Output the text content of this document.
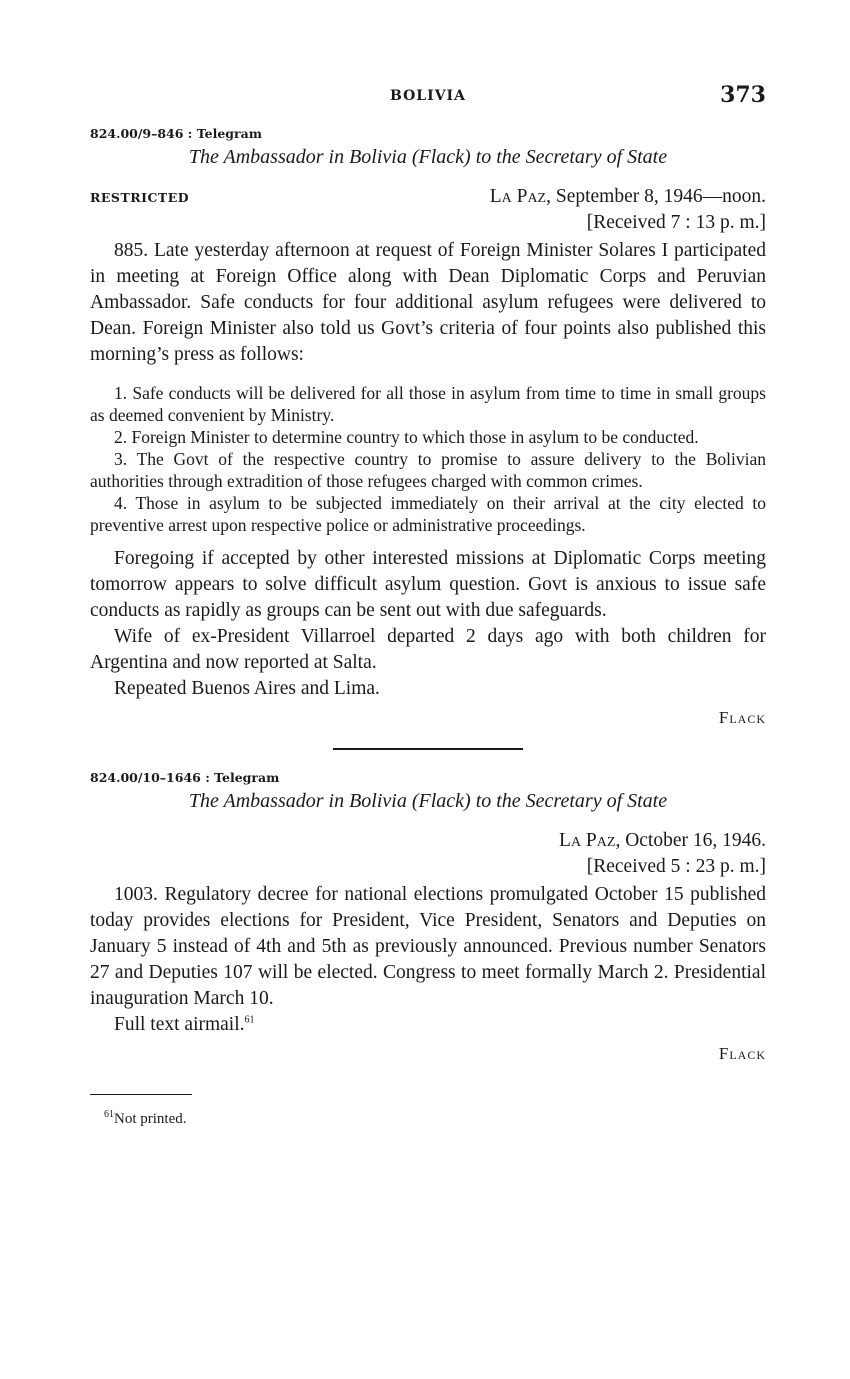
BOLIVIA	373
824.00/9–846 : Telegram
The Ambassador in Bolivia (Flack) to the Secretary of State
RESTRICTED	La Paz, September 8, 1946—noon.
[Received 7 : 13 p. m.]

885. Late yesterday afternoon at request of Foreign Minister Solares I participated in meeting at Foreign Office along with Dean Diplomatic Corps and Peruvian Ambassador. Safe conducts for four additional asylum refugees were delivered to Dean. Foreign Minister also told us Govt’s criteria of four points also published this morning’s press as follows:

1. Safe conducts will be delivered for all those in asylum from time to time in small groups as deemed convenient by Ministry.

2. Foreign Minister to determine country to which those in asylum to be conducted.

3. The Govt of the respective country to promise to assure delivery to the Bolivian authorities through extradition of those refugees charged with common crimes.

4. Those in asylum to be subjected immediately on their arrival at the city elected to preventive arrest upon respective police or administrative proceedings.

Foregoing if accepted by other interested missions at Diplomatic Corps meeting tomorrow appears to solve difficult asylum question. Govt is anxious to issue safe conducts as rapidly as groups can be sent out with due safeguards.

Wife of ex-President Villarroel departed 2 days ago with both children for Argentina and now reported at Salta.

Repeated Buenos Aires and Lima.

Flack
824.00/10–1646 : Telegram
The Ambassador in Bolivia (Flack) to the Secretary of State
La Paz, October 16, 1946.
[Received 5 : 23 p. m.]

1003. Regulatory decree for national elections promulgated October 15 published today provides elections for President, Vice President, Senators and Deputies on January 5 instead of 4th and 5th as previously announced. Previous number Senators 27 and Deputies 107 will be elected. Congress to meet formally March 2. Presidential inauguration March 10.

Full text airmail.$^{61}$

Flack
$^{61}$Not printed.
